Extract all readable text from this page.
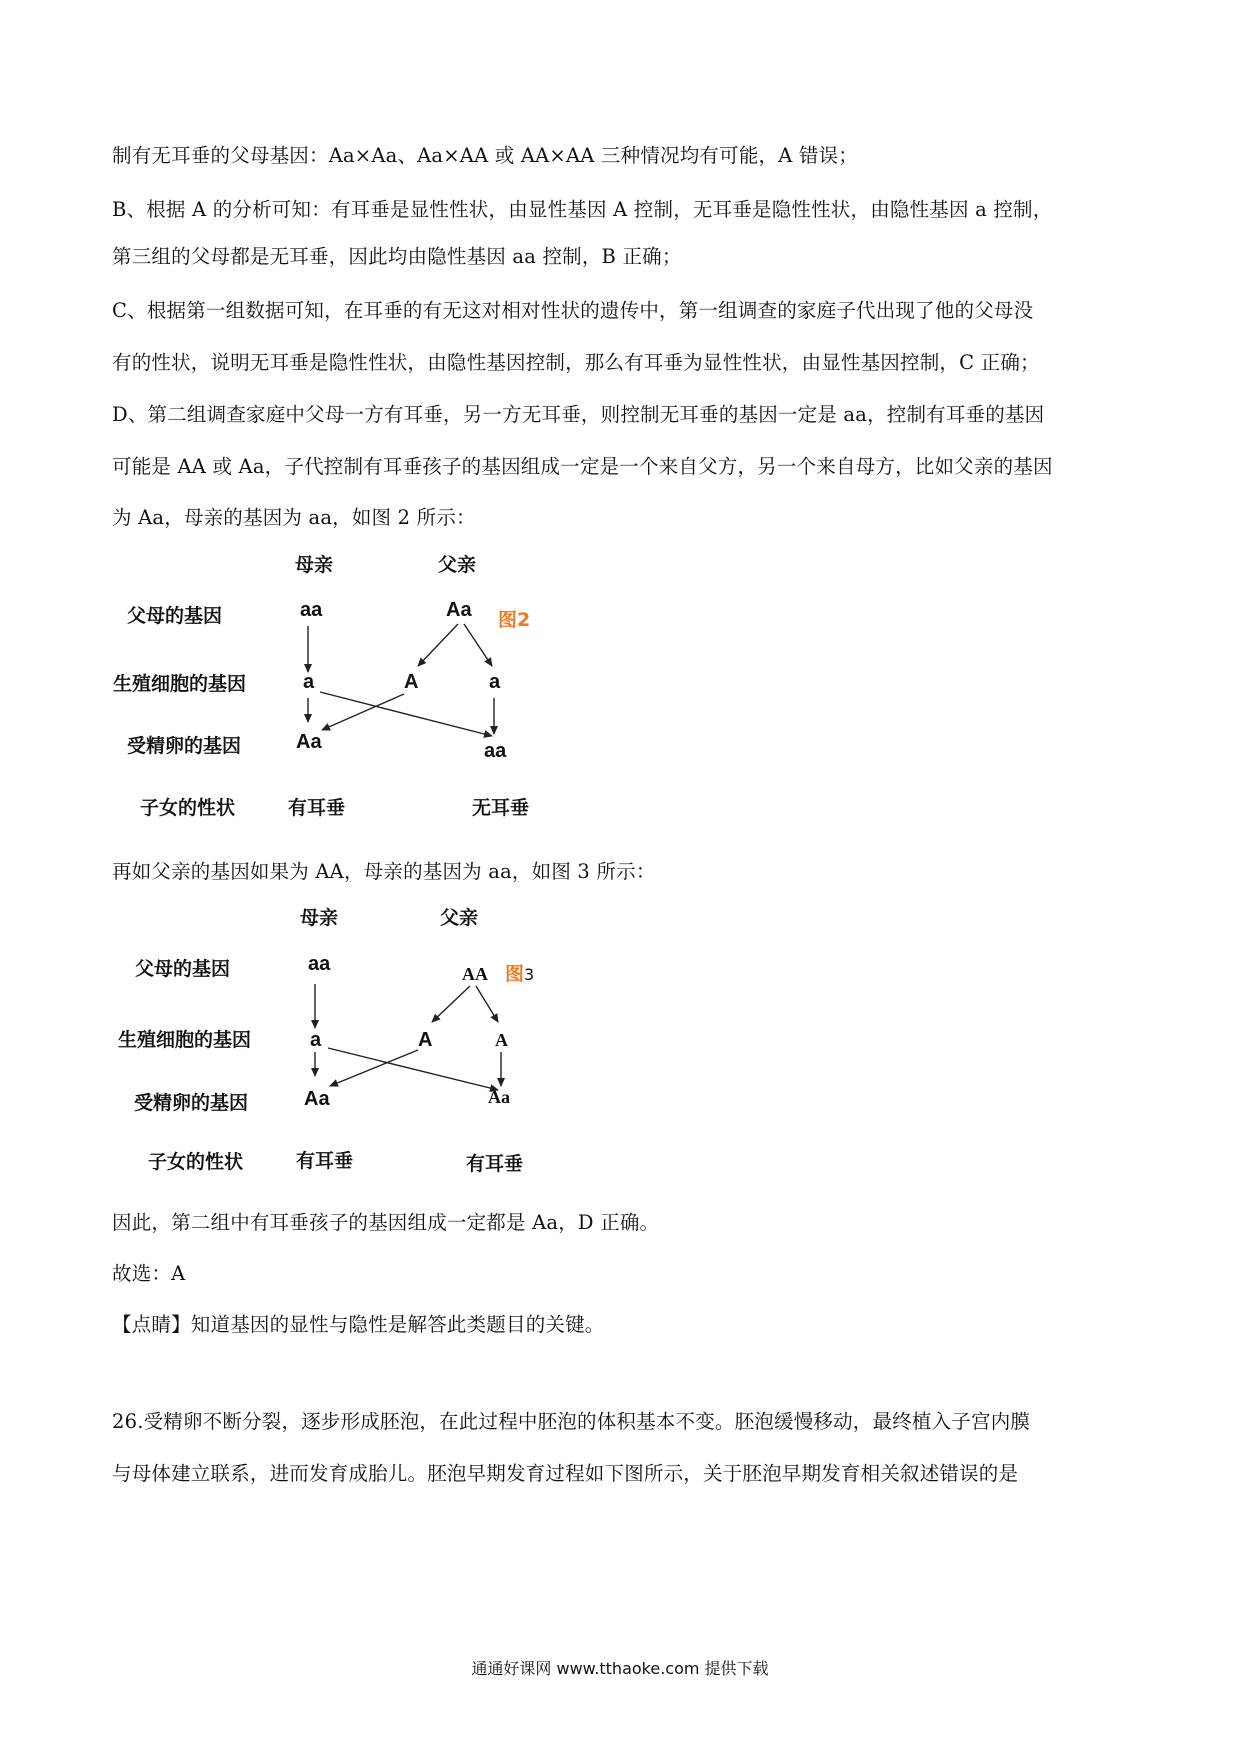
制有无耳垂的父母基因：Aa×Aa、Aa×AA 或 AA×AA 三种情况均有可能，A 错误；
B、根据 A 的分析可知：有耳垂是显性性状，由显性基因 A 控制，无耳垂是隐性性状，由隐性基因 a 控制，
第三组的父母都是无耳垂，因此均由隐性基因 aa 控制，B 正确；
C、根据第一组数据可知，在耳垂的有无这对相对性状的遗传中，第一组调查的家庭子代出现了他的父母没
有的性状，说明无耳垂是隐性性状，由隐性基因控制，那么有耳垂为显性性状，由显性基因控制，C 正确；
D、第二组调查家庭中父母一方有耳垂，另一方无耳垂，则控制无耳垂的基因一定是 aa，控制有耳垂的基因
可能是 AA 或 Aa，子代控制有耳垂孩子的基因组成一定是一个来自父方，另一个来自母方，比如父亲的基因
为 Aa，母亲的基因为 aa，如图 2 所示：
母亲	父亲
父母的基因
生殖细胞的基因
受精卵的基因
子女的性状
aa	Aa 图2
a	A	a
Aa	aa
有耳垂	无耳垂
再如父亲的基因如果为 AA，母亲的基因为 aa，如图 3 所示：
母亲	父亲
父母的基因
生殖细胞的基因
受精卵的基因
子女的性状
aa	AA 图3
a	A	A
Aa	Aa
有耳垂	有耳垂
因此，第二组中有耳垂孩子的基因组成一定都是 Aa，D 正确。
故选：A
【点睛】知道基因的显性与隐性是解答此类题目的关键。
26.受精卵不断分裂，逐步形成胚泡，在此过程中胚泡的体积基本不变。胚泡缓慢移动，最终植入子宫内膜
与母体建立联系，进而发育成胎儿。胚泡早期发育过程如下图所示，关于胚泡早期发育相关叙述错误的是
通通好课网 www.tthaoke.com 提供下载
